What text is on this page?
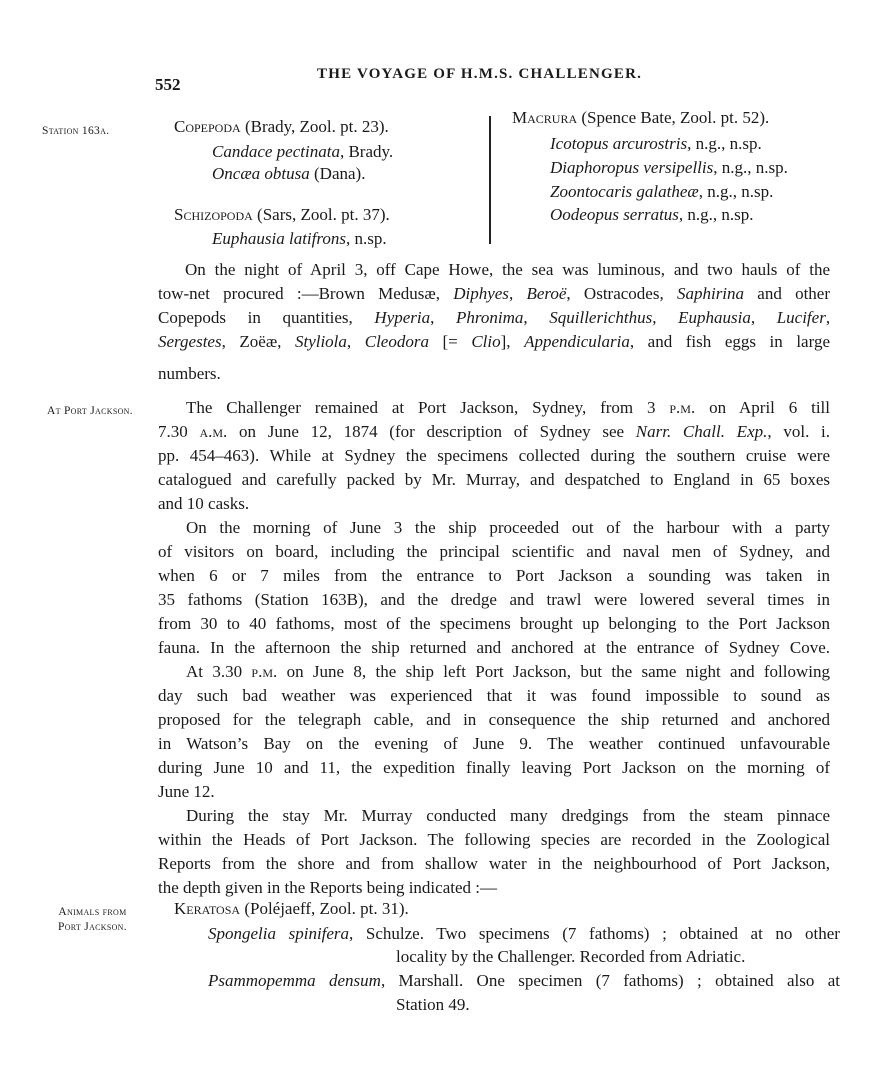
552
THE VOYAGE OF H.M.S. CHALLENGER.
Station 163a.	Copepoda (Brady, Zool. pt. 23).
Candace pectinata, Brady.
Oncæa obtusa (Dana).
Schizopoda (Sars, Zool. pt. 37).
Euphausia latifrons, n.sp.
Macrura (Spence Bate, Zool. pt. 52).
Icotopus arcurostris, n.g., n.sp.
Diaphoropus versipellis, n.g., n.sp.
Zoontocaris galatheæ, n.g., n.sp.
Oodeopus serratus, n.g., n.sp.
On the night of April 3, off Cape Howe, the sea was luminous, and two hauls of the
tow-net procured :—Brown Medusæ, Diphyes, Beroë, Ostracodes, Saphirina and other
Copepods in quantities, Hyperia, Phronima, Squillerichthus, Euphausia, Lucifer,
Sergestes, Zoëæ, Styliola, Cleodora [= Clio], Appendicularia, and fish eggs in large
numbers.
At Port Jackson.	The Challenger remained at Port Jackson, Sydney, from 3 p.m. on April 6 till
7.30 a.m. on June 12, 1874 (for description of Sydney see Narr. Chall. Exp., vol. i.
pp. 454–463). While at Sydney the specimens collected during the southern cruise were
catalogued and carefully packed by Mr. Murray, and despatched to England in 65 boxes
and 10 casks.
On the morning of June 3 the ship proceeded out of the harbour with a party
of visitors on board, including the principal scientific and naval men of Sydney, and
when 6 or 7 miles from the entrance to Port Jackson a sounding was taken in
35 fathoms (Station 163B), and the dredge and trawl were lowered several times in
from 30 to 40 fathoms, most of the specimens brought up belonging to the Port Jackson
fauna. In the afternoon the ship returned and anchored at the entrance of Sydney Cove.
At 3.30 p.m. on June 8, the ship left Port Jackson, but the same night and following
day such bad weather was experienced that it was found impossible to sound as
proposed for the telegraph cable, and in consequence the ship returned and anchored
in Watson’s Bay on the evening of June 9. The weather continued unfavourable
during June 10 and 11, the expedition finally leaving Port Jackson on the morning of
June 12.
During the stay Mr. Murray conducted many dredgings from the steam pinnace
within the Heads of Port Jackson. The following species are recorded in the Zoological
Reports from the shore and from shallow water in the neighbourhood of Port Jackson,
the depth given in the Reports being indicated :—
Animals from
Port Jackson.
Keratosa (Poléjaeff, Zool. pt. 31).
Spongelia spinifera, Schulze. Two specimens (7 fathoms) ; obtained at no other
locality by the Challenger. Recorded from Adriatic.
Psammopemma densum, Marshall. One specimen (7 fathoms) ; obtained also at
Station 49.
